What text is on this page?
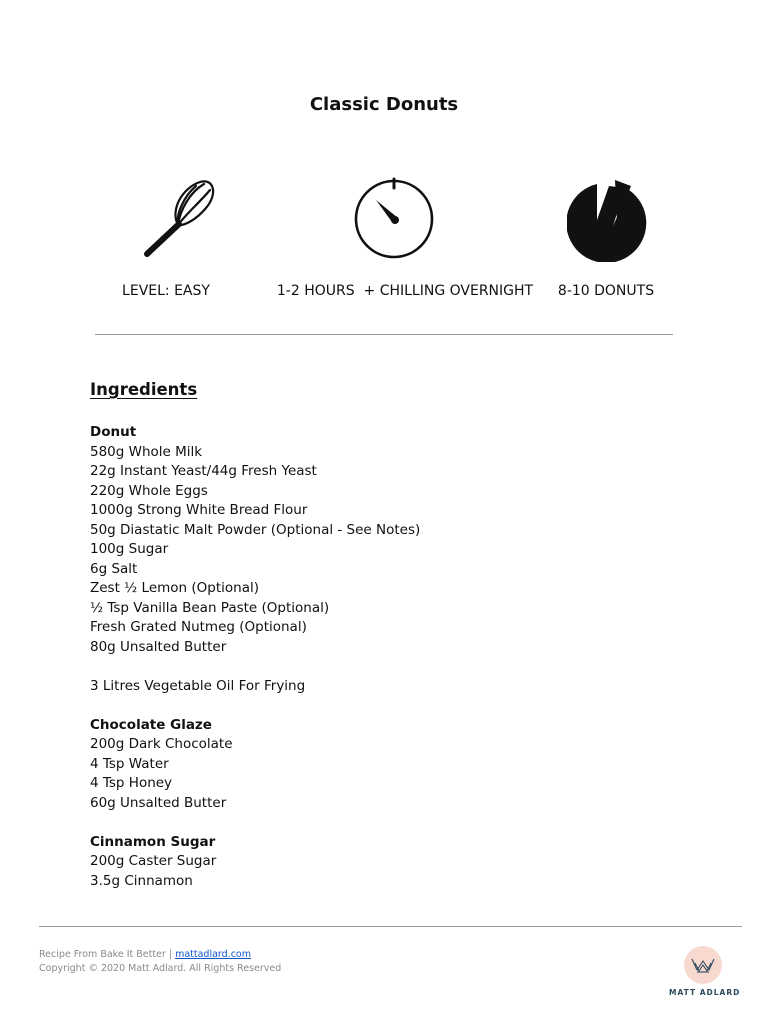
Classic Donuts
LEVEL: EASY	1-2 HOURS  + CHILLING OVERNIGHT	8-10 DONUTS
Ingredients
Donut
580g Whole Milk
22g Instant Yeast/44g Fresh Yeast
220g Whole Eggs
1000g Strong White Bread Flour
50g Diastatic Malt Powder (Optional - See Notes)
100g Sugar
6g Salt
Zest ½ Lemon (Optional)
½ Tsp Vanilla Bean Paste (Optional)
Fresh Grated Nutmeg (Optional)
80g Unsalted Butter
3 Litres Vegetable Oil For Frying
Chocolate Glaze
200g Dark Chocolate
4 Tsp Water
4 Tsp Honey
60g Unsalted Butter
Cinnamon Sugar
200g Caster Sugar
3.5g Cinnamon
Recipe From Bake It Better | mattadlard.com
Copyright © 2020 Matt Adlard. All Rights Reserved
MATT ADLARD
